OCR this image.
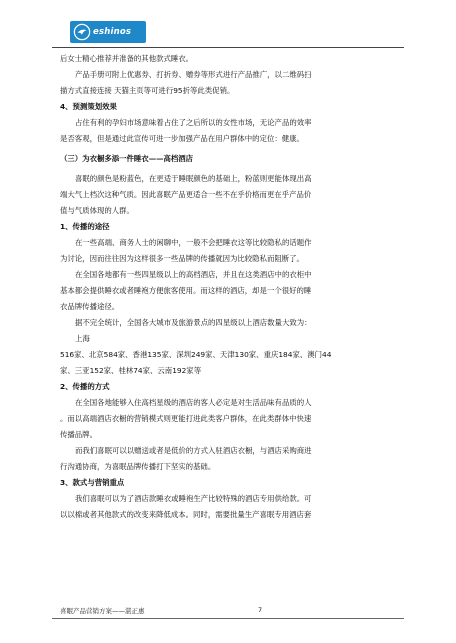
eshinos

后女士精心推荐并准备的其他款式睡衣。

产品手册可附上优惠券、打折券、赠券等形式进行产品推广，以二维码扫

描方式直接连接 天猫主页等可进行95折等此类促销。

4、预测策划效果

占住有利的孕妇市场意味着占住了之后所以的女性市场，无论产品的效率

是否客观，但是通过此宣传可进一步加强产品在用户群体中的定位：健康。

（三）为衣橱多添一件睡衣——高档酒店

喜眠的颜色是粉蓝色，在更适于睡眠颜色的基础上，粉蓝则更能体现出高

端大气上档次这种气质。因此喜眠产品更适合一些不在乎价格而更在乎产品价

值与气质体现的人群。

1、传播的途径

在一些高端、商务人士的闲聊中，一般不会把睡衣这等比较隐私的话题作

为讨论，因而往往因为这样很多一些品牌的传播就因为比较隐私而阻断了。

在全国各地都有一些四星级以上的高档酒店，并且在这类酒店中的衣柜中

基本都会提供睡衣或者睡袍方便旅客使用。而这样的酒店，却是一个很好的睡

衣品牌传播途径。

据不完全统计，全国各大城市及旅游景点的四星级以上酒店数量大致为：

上海

516家、北京584家、香港135家、深圳249家、天津130家、重庆184家、澳门44

家、三亚152家、桂林74家、云南192家等

2、传播的方式

在全国各地能够入住高档星级的酒店的客人必定是对生活品味有品质的人

。而以高端酒店衣橱的营销模式则更能打进此类客户群体，在此类群体中快速

传播品牌。

而我们喜眠可以以赠送或者是低价的方式入驻酒店衣橱，与酒店采购商进

行沟通协商，为喜眠品牌传播打下坚实的基础。

3、款式与营销重点

我们喜眠可以为了酒店款睡衣或睡袍生产比较特殊的酒店专用供给款。可

以以棉或者其他款式的改变来降低成本。同时，需要批量生产喜眠专用酒店套

喜眠产品营销方案——湛正惠	7
